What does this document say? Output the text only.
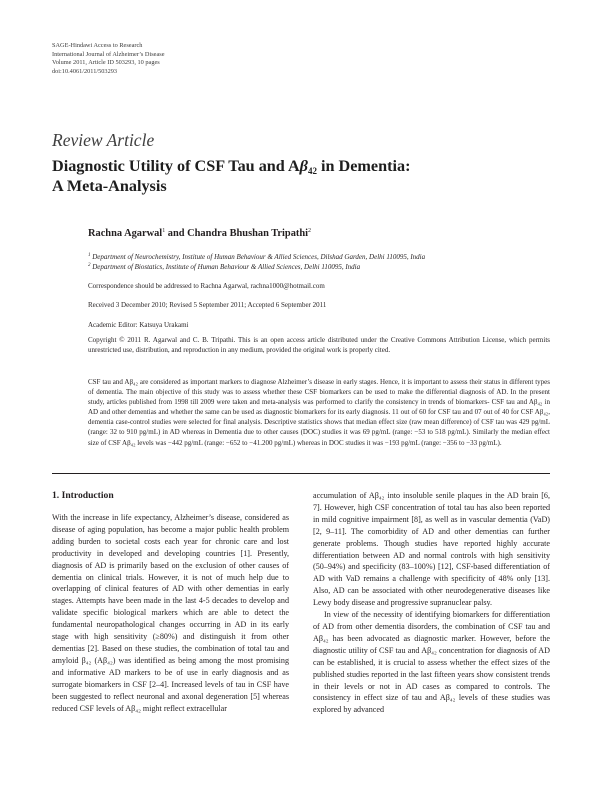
SAGE-Hindawi Access to Research
International Journal of Alzheimer’s Disease
Volume 2011, Article ID 503293, 10 pages
doi:10.4061/2011/503293
Review Article
Diagnostic Utility of CSF Tau and $A\beta_{42}$ in Dementia:
A Meta-Analysis
Rachna Agarwal$^1$ and Chandra Bhushan Tripathi$^2$
$^1$ Department of Neurochemistry, Institute of Human Behaviour & Allied Sciences, Dilshad Garden, Delhi 110095, India
$^2$ Department of Biostatics, Institute of Human Behaviour & Allied Sciences, Delhi 110095, India
Correspondence should be addressed to Rachna Agarwal, rachna1000@hotmail.com
Received 3 December 2010; Revised 5 September 2011; Accepted 6 September 2011
Academic Editor: Katsuya Urakami
Copyright © 2011 R. Agarwal and C. B. Tripathi. This is an open access article distributed under the Creative Commons Attribution License, which permits unrestricted use, distribution, and reproduction in any medium, provided the original work is properly cited.
CSF tau and Aβ₄₂ are considered as important markers to diagnose Alzheimer’s disease in early stages. Hence, it is important to assess their status in different types of dementia. The main objective of this study was to assess whether these CSF biomarkers can be used to make the differential diagnosis of AD. In the present study, articles published from 1998 till 2009 were taken and meta-analysis was performed to clarify the consistency in trends of biomarkers- CSF tau and Aβ₄₂ in AD and other dementias and whether the same can be used as diagnostic biomarkers for its early diagnosis. 11 out of 60 for CSF tau and 07 out of 40 for CSF Aβ₄₂, dementia case-control studies were selected for final analysis. Descriptive statistics shows that median effect size (raw mean difference) of CSF tau was 429 pg/mL (range: 32 to 910 pg/mL) in AD whereas in Dementia due to other causes (DOC) studies it was 69 pg/mL (range: −53 to 518 pg/mL). Similarly the median effect size of CSF Aβ₄₂ levels was −442 pg/mL (range: −652 to −41.200 pg/mL) whereas in DOC studies it was −193 pg/mL (range: −356 to −33 pg/mL).
1. Introduction

With the increase in life expectancy, Alzheimer’s disease, considered as disease of aging population, has become a major public health problem adding burden to societal costs each year for chronic care and lost productivity in developed and developing countries [1]. Presently, diagnosis of AD is primarily based on the exclusion of other causes of dementia on clinical trials. However, it is not of much help due to overlapping of clinical features of AD with other dementias in early stages. Attempts have been made in the last 4-5 decades to develop and validate specific biological markers which are able to detect the fundamental neuropathological changes occurring in AD in its early stage with high sensitivity (≥80%) and distinguish it from other dementias [2]. Based on these studies, the combination of total tau and amyloid β₄₂ (Aβ₄₂) was identified as being among the most promising and informative AD markers to be of use in early diagnosis and as surrogate biomarkers in CSF [2–4]. Increased levels of tau in CSF have been suggested to reflect neuronal and axonal degeneration [5] whereas reduced CSF levels of Aβ₄₂ might reflect extracellular

accumulation of Aβ₄₂ into insoluble senile plaques in the AD brain [6, 7]. However, high CSF concentration of total tau has also been reported in mild cognitive impairment [8], as well as in vascular dementia (VaD) [2, 9–11]. The comorbidity of AD and other dementias can further generate problems. Though studies have reported highly accurate differentiation between AD and normal controls with high sensitivity (50–94%) and specificity (83–100%) [12], CSF-based differentiation of AD with VaD remains a challenge with specificity of 48% only [13]. Also, AD can be associated with other neurodegenerative diseases like Lewy body disease and progressive supranuclear palsy.

In view of the necessity of identifying biomarkers for differentiation of AD from other dementia disorders, the combination of CSF tau and Aβ₄₂ has been advocated as diagnostic marker. However, before the diagnostic utility of CSF tau and Aβ₄₂ concentration for diagnosis of AD can be established, it is crucial to assess whether the effect sizes of the published studies reported in the last fifteen years show consistent trends in their levels or not in AD cases as compared to controls. The consistency in effect size of tau and Aβ₄₂ levels of these studies was explored by advanced
